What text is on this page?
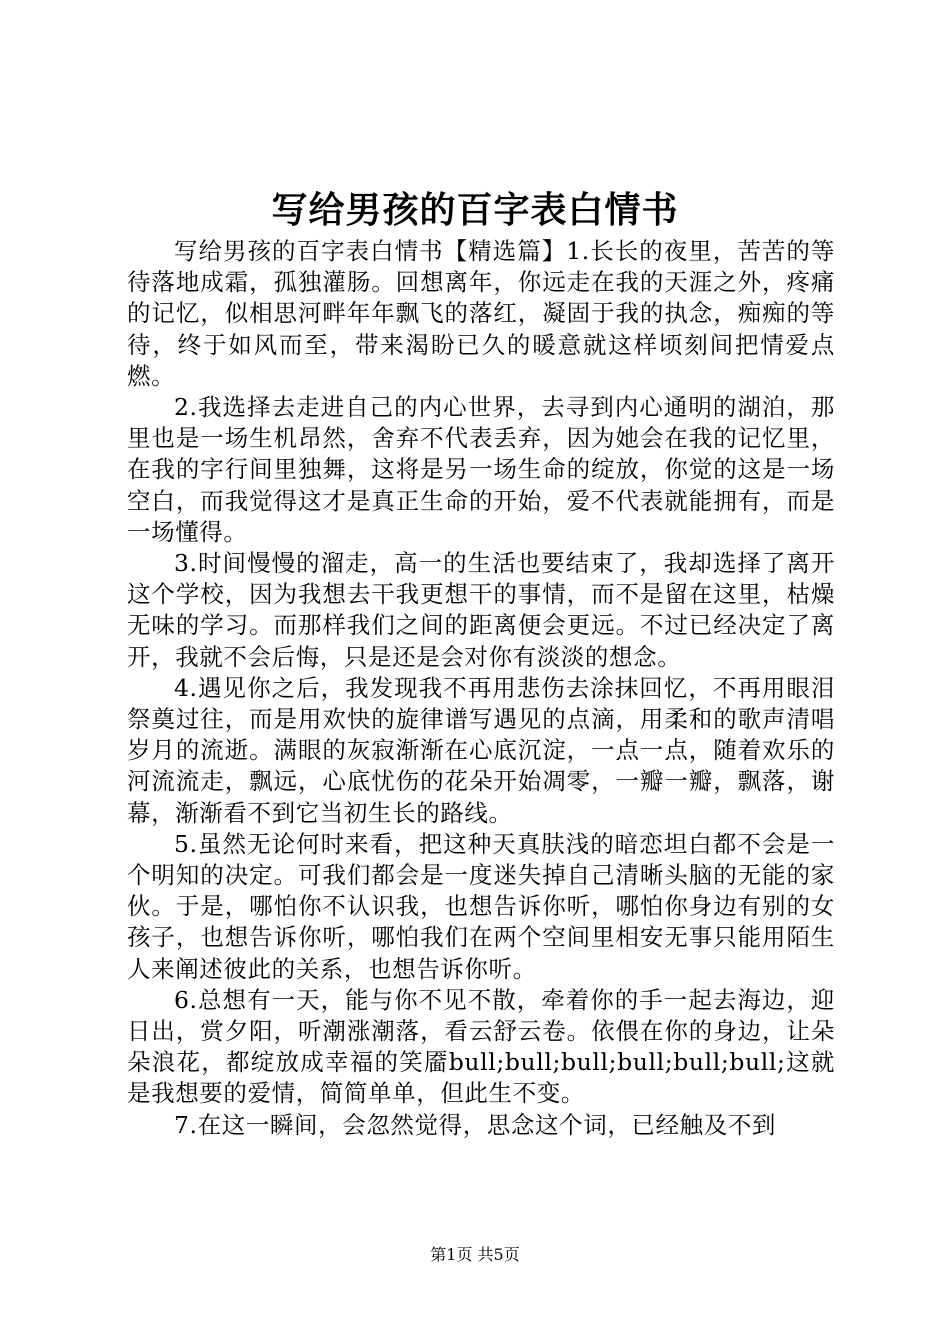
写给男孩的百字表白情书

写给男孩的百字表白情书【精选篇】1.长长的夜里，苦苦的等待落地成霜，孤独灌肠。回想离年，你远走在我的天涯之外，疼痛的记忆，似相思河畔年年飘飞的落红，凝固于我的执念，痴痴的等待，终于如风而至，带来渴盼已久的暖意就这样顷刻间把情爱点燃。

2.我选择去走进自己的内心世界，去寻到内心通明的湖泊，那里也是一场生机昂然，舍弃不代表丢弃，因为她会在我的记忆里，在我的字行间里独舞，这将是另一场生命的绽放，你觉的这是一场空白，而我觉得这才是真正生命的开始，爱不代表就能拥有，而是一场懂得。

3.时间慢慢的溜走，高一的生活也要结束了，我却选择了离开这个学校，因为我想去干我更想干的事情，而不是留在这里，枯燥无味的学习。而那样我们之间的距离便会更远。不过已经决定了离开，我就不会后悔，只是还是会对你有淡淡的想念。

4.遇见你之后，我发现我不再用悲伤去涂抹回忆，不再用眼泪祭奠过往，而是用欢快的旋律谱写遇见的点滴，用柔和的歌声清唱岁月的流逝。满眼的灰寂渐渐在心底沉淀，一点一点，随着欢乐的河流流走，飘远，心底忧伤的花朵开始凋零，一瓣一瓣，飘落，谢幕，渐渐看不到它当初生长的路线。

5.虽然无论何时来看，把这种天真肤浅的暗恋坦白都不会是一个明知的决定。可我们都会是一度迷失掉自己清晰头脑的无能的家伙。于是，哪怕你不认识我，也想告诉你听，哪怕你身边有别的女孩子，也想告诉你听，哪怕我们在两个空间里相安无事只能用陌生人来阐述彼此的关系，也想告诉你听。

6.总想有一天，能与你不见不散，牵着你的手一起去海边，迎日出，赏夕阳，听潮涨潮落，看云舒云卷。依偎在你的身边，让朵朵浪花，都绽放成幸福的笑靥bull;bull;bull;bull;bull;bull;这就是我想要的爱情，简简单单，但此生不变。

7.在这一瞬间，会忽然觉得，思念这个词，已经触及不到

第1页 共5页
